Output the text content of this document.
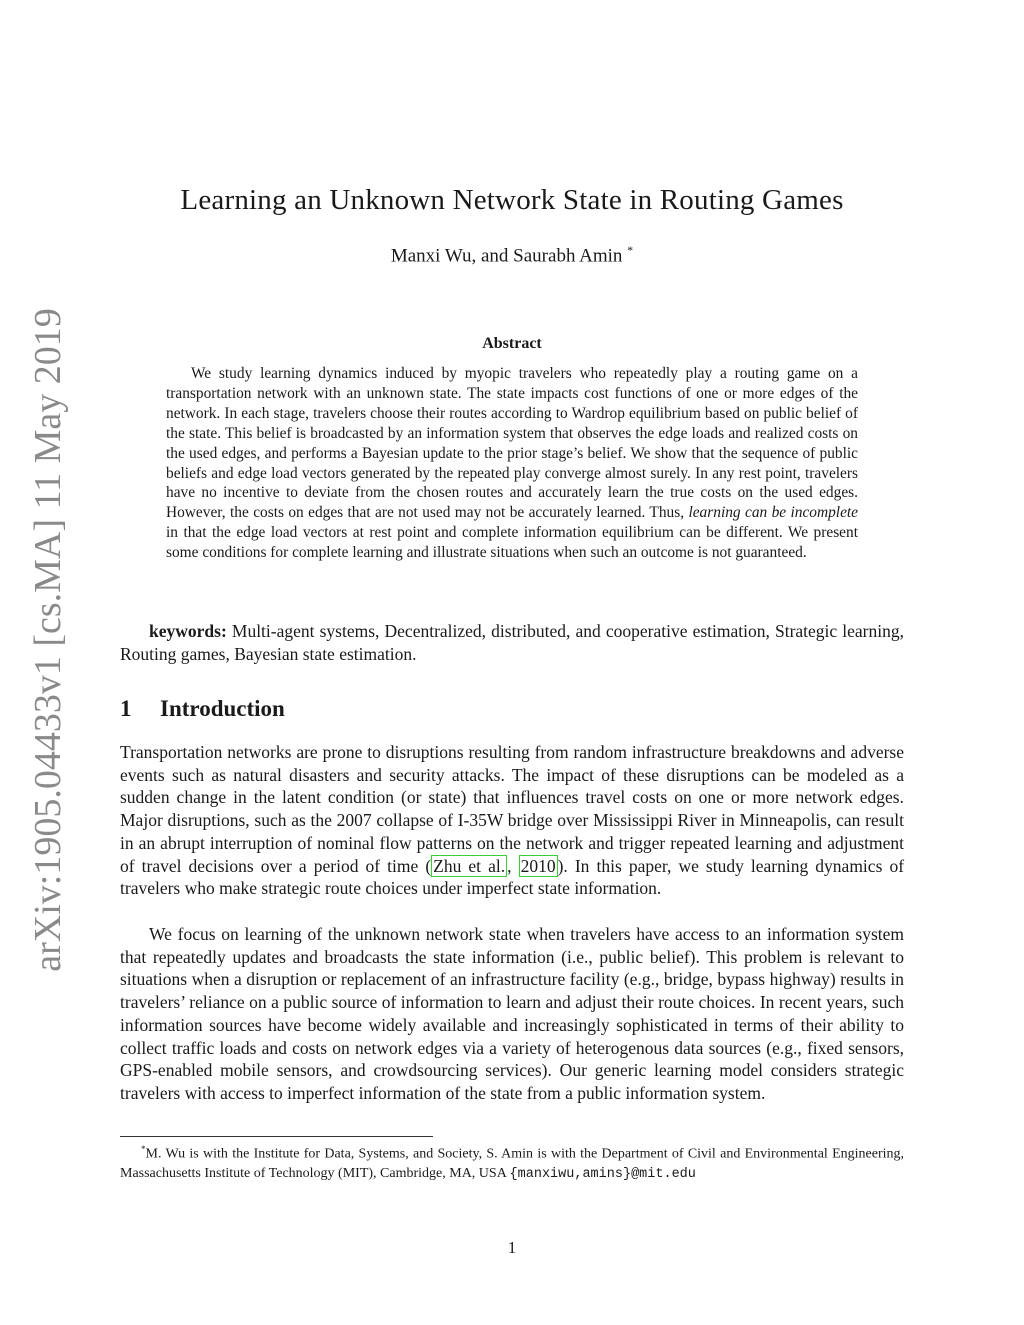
arXiv:1905.04433v1 [cs.MA] 11 May 2019
Learning an Unknown Network State in Routing Games
Manxi Wu, and Saurabh Amin *
Abstract

We study learning dynamics induced by myopic travelers who repeatedly play a routing game on a transportation network with an unknown state. The state impacts cost functions of one or more edges of the network. In each stage, travelers choose their routes according to Wardrop equilibrium based on public belief of the state. This belief is broadcasted by an information system that observes the edge loads and realized costs on the used edges, and performs a Bayesian update to the prior stage’s belief. We show that the sequence of public beliefs and edge load vectors generated by the repeated play converge almost surely. In any rest point, travelers have no incentive to deviate from the chosen routes and accurately learn the true costs on the used edges. However, the costs on edges that are not used may not be accurately learned. Thus, learning can be incomplete in that the edge load vectors at rest point and complete information equilibrium can be different. We present some conditions for complete learning and illustrate situations when such an outcome is not guaranteed.

keywords: Multi-agent systems, Decentralized, distributed, and cooperative estimation, Strategic learning, Routing games, Bayesian state estimation.

1 Introduction

Transportation networks are prone to disruptions resulting from random infrastructure breakdowns and adverse events such as natural disasters and security attacks. The impact of these disruptions can be modeled as a sudden change in the latent condition (or state) that influences travel costs on one or more network edges. Major disruptions, such as the 2007 collapse of I-35W bridge over Mississippi River in Minneapolis, can result in an abrupt interruption of nominal flow patterns on the network and trigger repeated learning and adjustment of travel decisions over a period of time ( Zhu et al. , 2010 ). In this paper, we study learning dynamics of travelers who make strategic route choices under imperfect state information.

We focus on learning of the unknown network state when travelers have access to an information system that repeatedly updates and broadcasts the state information (i.e., public belief). This problem is relevant to situations when a disruption or replacement of an infrastructure facility (e.g., bridge, bypass highway) results in travelers’ reliance on a public source of information to learn and adjust their route choices. In recent years, such information sources have become widely available and increasingly sophisticated in terms of their ability to collect traffic loads and costs on network edges via a variety of heterogenous data sources (e.g., fixed sensors, GPS-enabled mobile sensors, and crowdsourcing services). Our generic learning model considers strategic travelers with access to imperfect information of the state from a public information system.

*M. Wu is with the Institute for Data, Systems, and Society, S. Amin is with the Department of Civil and Environmental Engineering, Massachusetts Institute of Technology (MIT), Cambridge, MA, USA {manxiwu,amins}@mit.edu

1
